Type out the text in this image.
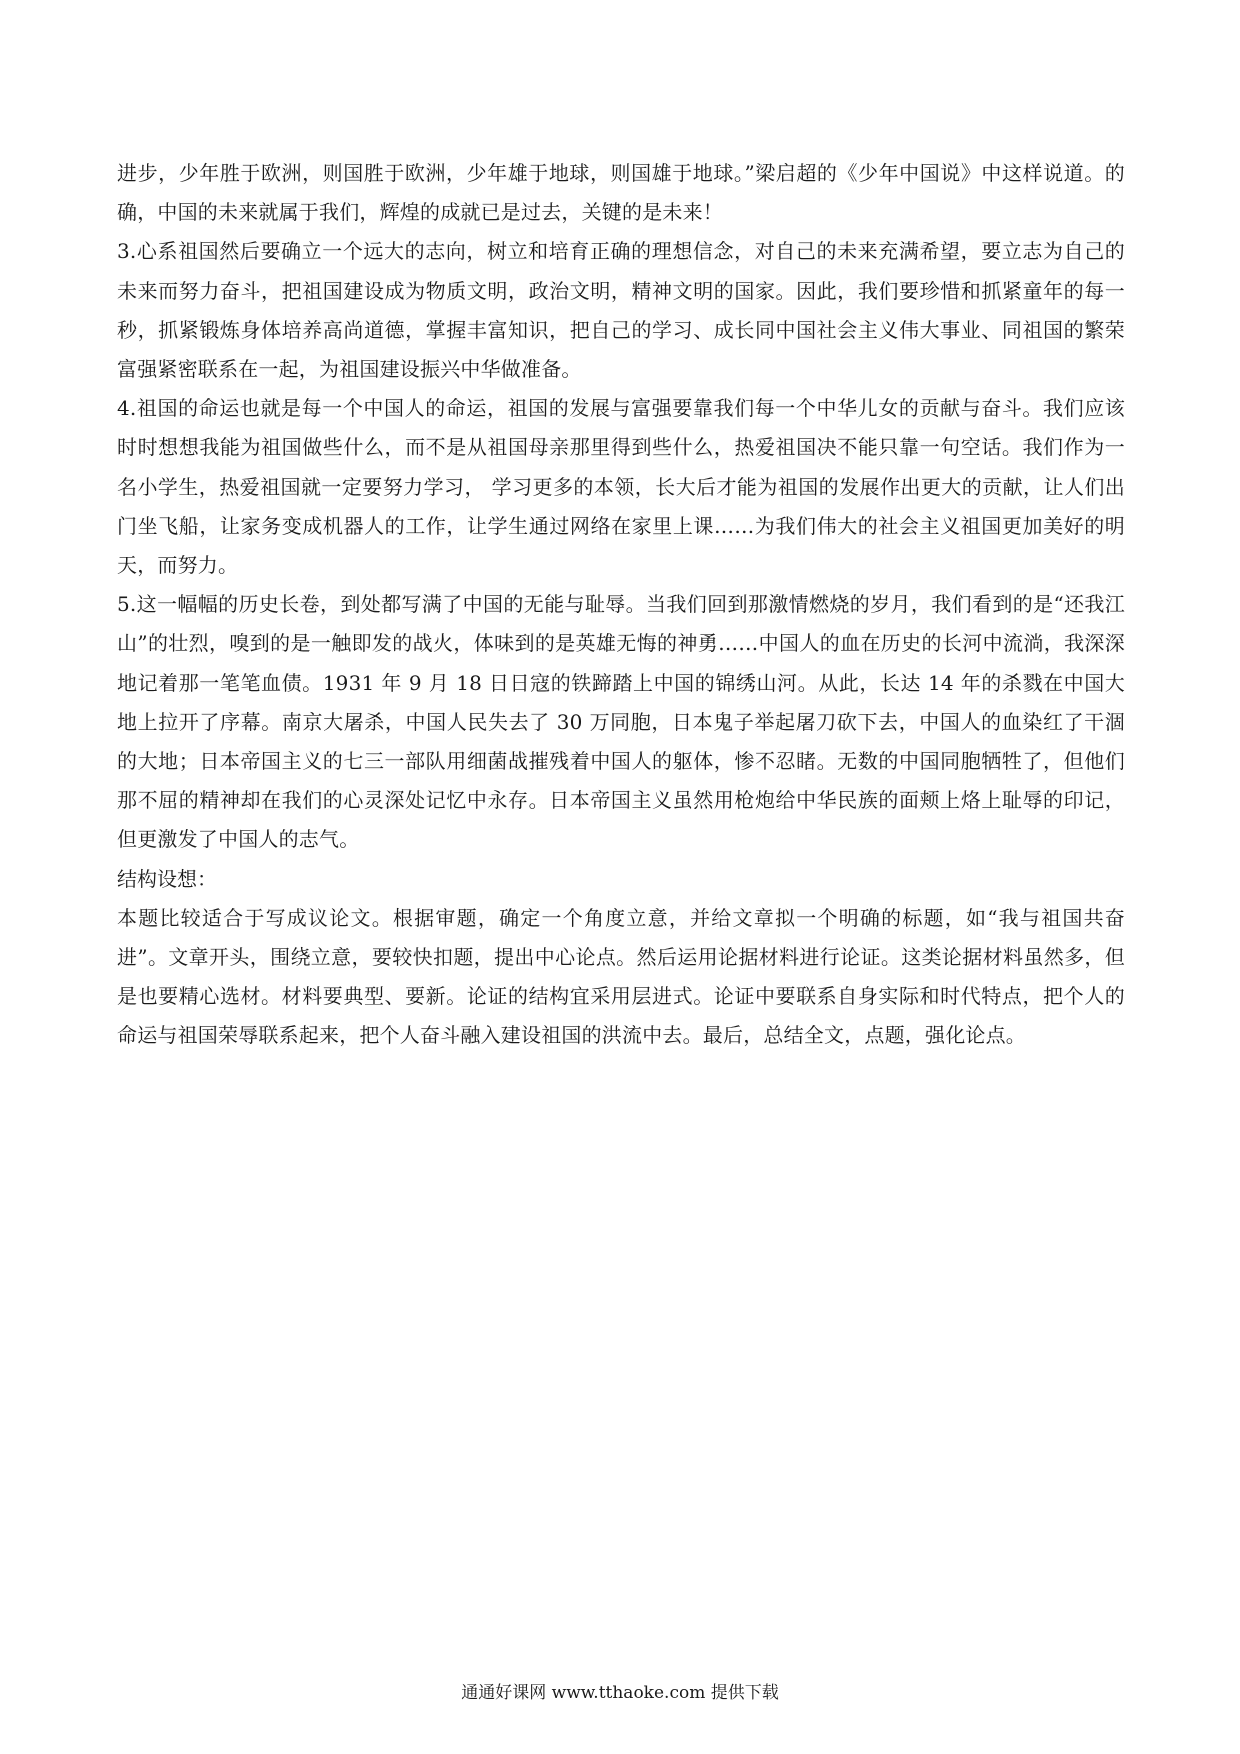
进步，少年胜于欧洲，则国胜于欧洲，少年雄于地球，则国雄于地球。”梁启超的《少年中国说》中这样说道。的确，中国的未来就属于我们，辉煌的成就已是过去，关键的是未来！

3.心系祖国然后要确立一个远大的志向，树立和培育正确的理想信念，对自己的未来充满希望，要立志为自己的未来而努力奋斗，把祖国建设成为物质文明，政治文明，精神文明的国家。因此，我们要珍惜和抓紧童年的每一秒，抓紧锻炼身体培养高尚道德，掌握丰富知识，把自己的学习、成长同中国社会主义伟大事业、同祖国的繁荣富强紧密联系在一起，为祖国建设振兴中华做准备。

4.祖国的命运也就是每一个中国人的命运，祖国的发展与富强要靠我们每一个中华儿女的贡献与奋斗。我们应该时时想想我能为祖国做些什么，而不是从祖国母亲那里得到些什么，热爱祖国决不能只靠一句空话。我们作为一名小学生，热爱祖国就一定要努力学习， 学习更多的本领，长大后才能为祖国的发展作出更大的贡献，让人们出门坐飞船，让家务变成机器人的工作，让学生通过网络在家里上课……为我们伟大的社会主义祖国更加美好的明天，而努力。

5.这一幅幅的历史长卷，到处都写满了中国的无能与耻辱。当我们回到那激情燃烧的岁月，我们看到的是“还我江山”的壮烈，嗅到的是一触即发的战火，体味到的是英雄无悔的神勇……中国人的血在历史的长河中流淌，我深深地记着那一笔笔血债。1931 年 9 月 18 日日寇的铁蹄踏上中国的锦绣山河。从此，长达 14 年的杀戮在中国大地上拉开了序幕。南京大屠杀，中国人民失去了 30 万同胞，日本鬼子举起屠刀砍下去，中国人的血染红了干涸的大地；日本帝国主义的七三一部队用细菌战摧残着中国人的躯体，惨不忍睹。无数的中国同胞牺牲了，但他们那不屈的精神却在我们的心灵深处记忆中永存。日本帝国主义虽然用枪炮给中华民族的面颊上烙上耻辱的印记，但更激发了中国人的志气。

结构设想：

本题比较适合于写成议论文。根据审题，确定一个角度立意，并给文章拟一个明确的标题，如“我与祖国共奋进”。文章开头，围绕立意，要较快扣题，提出中心论点。然后运用论据材料进行论证。这类论据材料虽然多，但是也要精心选材。材料要典型、要新。论证的结构宜采用层进式。论证中要联系自身实际和时代特点，把个人的命运与祖国荣辱联系起来，把个人奋斗融入建设祖国的洪流中去。最后，总结全文，点题，强化论点。

通通好课网 www.tthaoke.com 提供下载
